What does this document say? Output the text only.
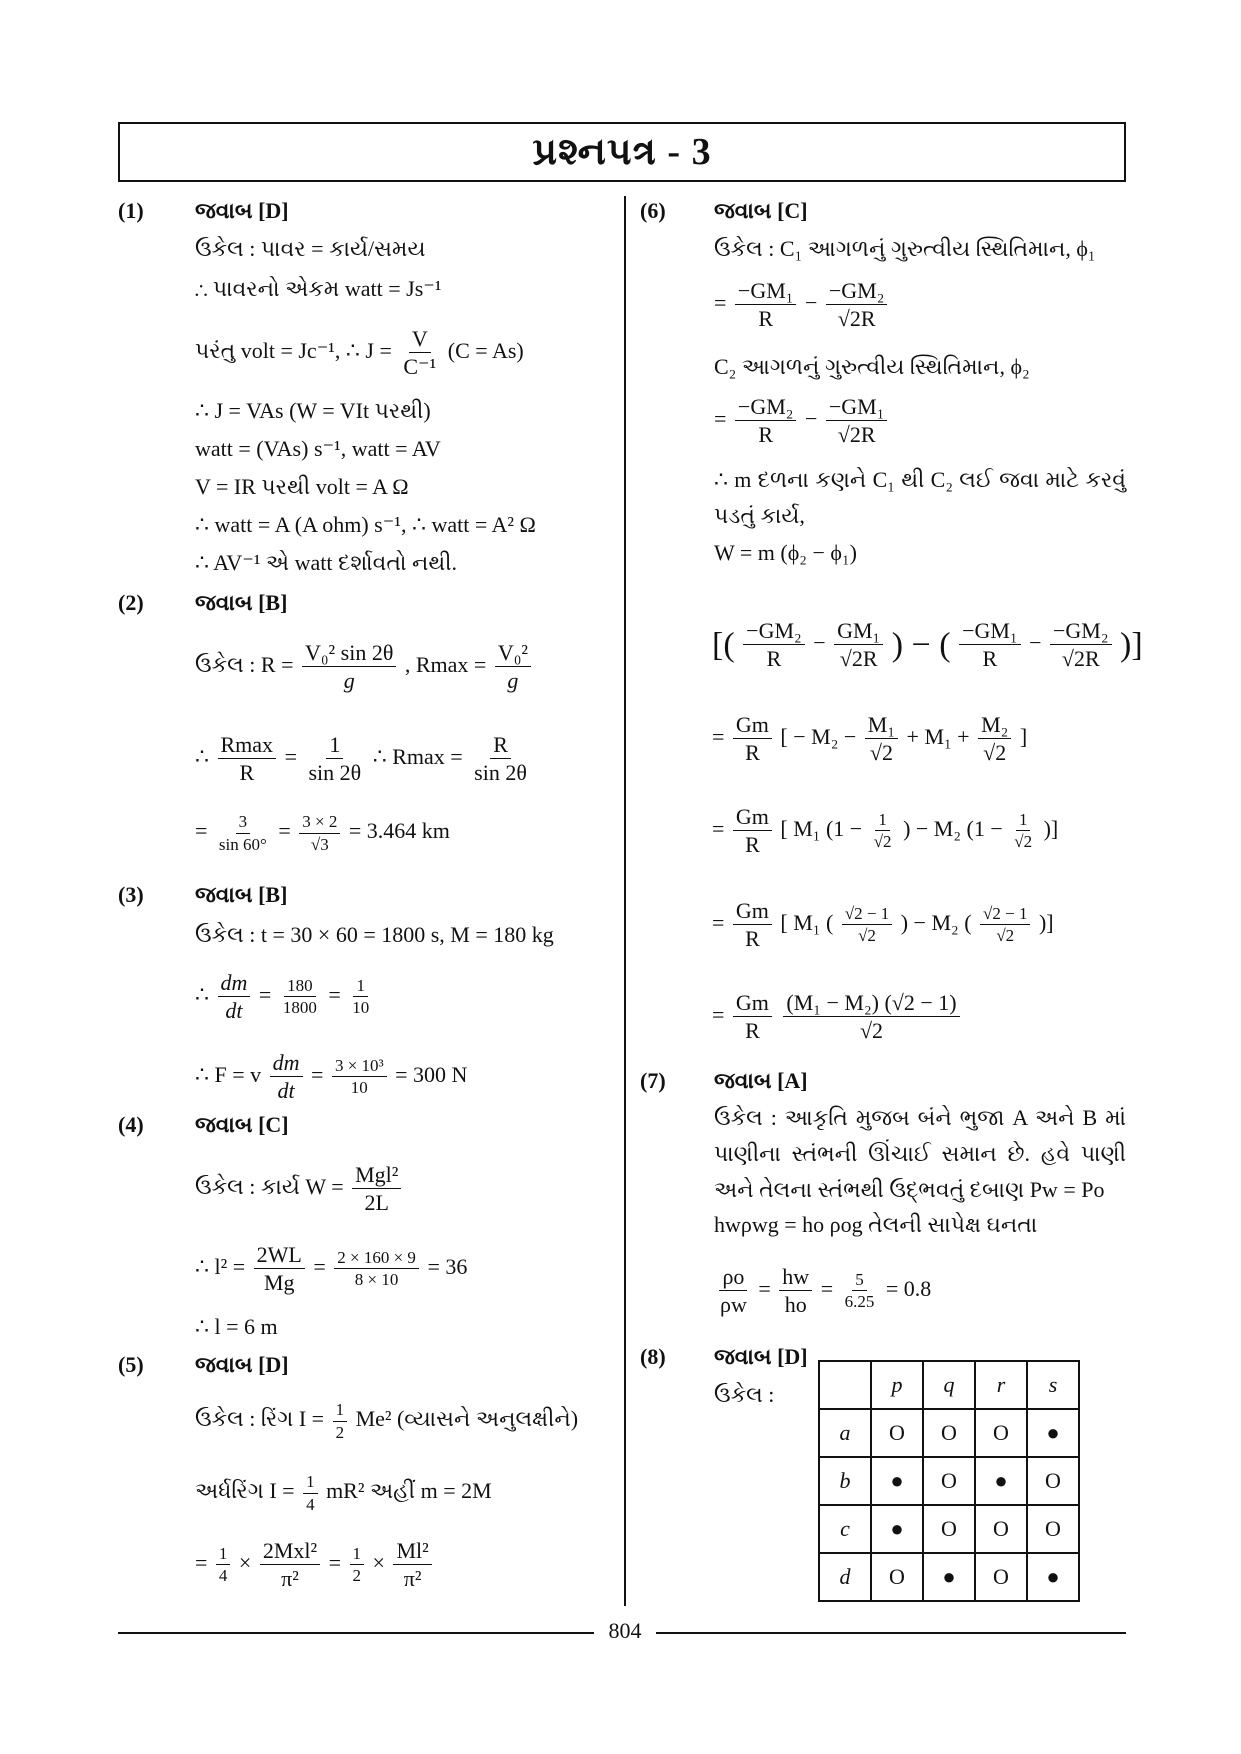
પ્રશ્નપત્ર - 3
804
(1) જવાબ [D]
ઉકેલ : પાવર = કાર્ય/સમય
∴ પાવરનો એકમ watt = Js⁻¹
પરંતુ volt = Jc⁻¹, ∴ $J = \frac{V}{\text{C⁻¹}} (C = As)$
∴ J = VAs (W = VIt પરથી)
watt = (VAs) s⁻¹, watt = AV
V = IR પરથી volt = A Ω
∴ watt = A (A ohm) s⁻¹, ∴ watt = A² Ω
∴ AV⁻¹ એ watt દર્શાવતો નથી.
(2) જવાબ [B]
ઉકેલ : $R = \frac{\text{V₀² sin 2θ}}{g}$ , $Rmax = \frac{\text{V₀²}}{g}$
∴ $\frac{Rmax}{R} = \frac{1}{\sin 2\theta}$ ∴ $Rmax = \frac{R}{\sin 2\theta}$
= $\frac{3}{\sin 60^\circ} = \frac{3 \times 2}{√3} = 3.464$ km
(3) જવાબ [B]
ઉકેલ : t = 30 × 60 = 1800 s, M = 180 kg
∴ $\frac{dm}{dt} = \frac{180}{1800} = \frac{1}{10}$
∴ F = v $\frac{dm}{dt} = \frac{\text{3 × 10³}}{10} = 300$ N
(4) જવાબ [C]
ઉકેલ : કાર્ય $W = \frac{\text{Mgl²}}{2L}$
∴ $l^2 = \frac{2WL}{Mg} = \frac{2 \times 160 \times 9}{8 \times 10} = 36$
∴ l = 6 m
(5) જવાબ [D]
ઉકેલ : રિંગ $I = \frac{1}{2} Me^2$ (વ્યાસને અનુલક્ષીને)
અર્ધરિંગ $I = \frac{1}{4} mR^2$ અહીં m = 2M
= $\frac{1}{4} \times \frac{\text{2Mxl²}}{\text{π²}} = \frac{1}{2} \times \frac{\text{Ml²}}{\text{π²}}$
(6) જવાબ [C]
ઉકેલ : C₁ આગળનું ગુરુત્વીય સ્થિતિમાન, ϕ₁
= $\frac{\text{−GM₁}}{R} - \frac{\text{−GM₂}}{√2R}$
C₂ આગળનું ગુરુત્વીય સ્થિતિમાન, ϕ₂
= $\frac{\text{−GM₂}}{R} - \frac{\text{−GM₁}}{√2R}$
∴ m દળના કણને C₁ થી C₂ લઈ જવા માટે કરવું પડતું કાર્ય,
W = m (ϕ₂ − ϕ₁)
[( $\frac{\text{−GM₂}}{R} - \frac{\text{GM₁}}{√2R}$ ) − ( $\frac{\text{−GM₁}}{R} - \frac{\text{−GM₂}}{√2R}$ )]
= $\frac{Gm}{R}$ [ − $M_2 - \frac{\text{M₁}}{√2} + M_1 + \frac{\text{M₂}}{√2}$ ]
= $\frac{Gm}{R}$ [ M₁ ($1 - \frac{1}{√2}$ ) − M₂ ($1 - \frac{1}{√2}$ )]
= $\frac{Gm}{R}$ [ M₁ ( $\frac{√2 - 1}{√2}$ ) − M₂ ( $\frac{√2 - 1}{√2}$ )]
= $\frac{Gm}{R}$
$\frac{\text{(M₁ − M₂) (√2 − 1)}}{√2}$
(7) જવાબ [A]
ઉકેલ : આકૃતિ મુજબ બંને ભુજા A અને B માં પાણીના સ્તંભની ઊંચાઈ સમાન છે. હવે પાણી અને તેલના સ્તંભથી ઉદ્ભવતું દબાણ Pw = Po
hwρwg = ho ρog તેલની સાપેક્ષ ઘનતા
$\frac{\rho o}{\rho w} = \frac{hw}{ho} = \frac{5}{6.25} = 0.8$
(8) જવાબ [D]
ઉકેલ :
		p	q	r	s
a	O	O	O	●
b	●	O	●	O
c	●	O	O	O
d	O	●	O	●
